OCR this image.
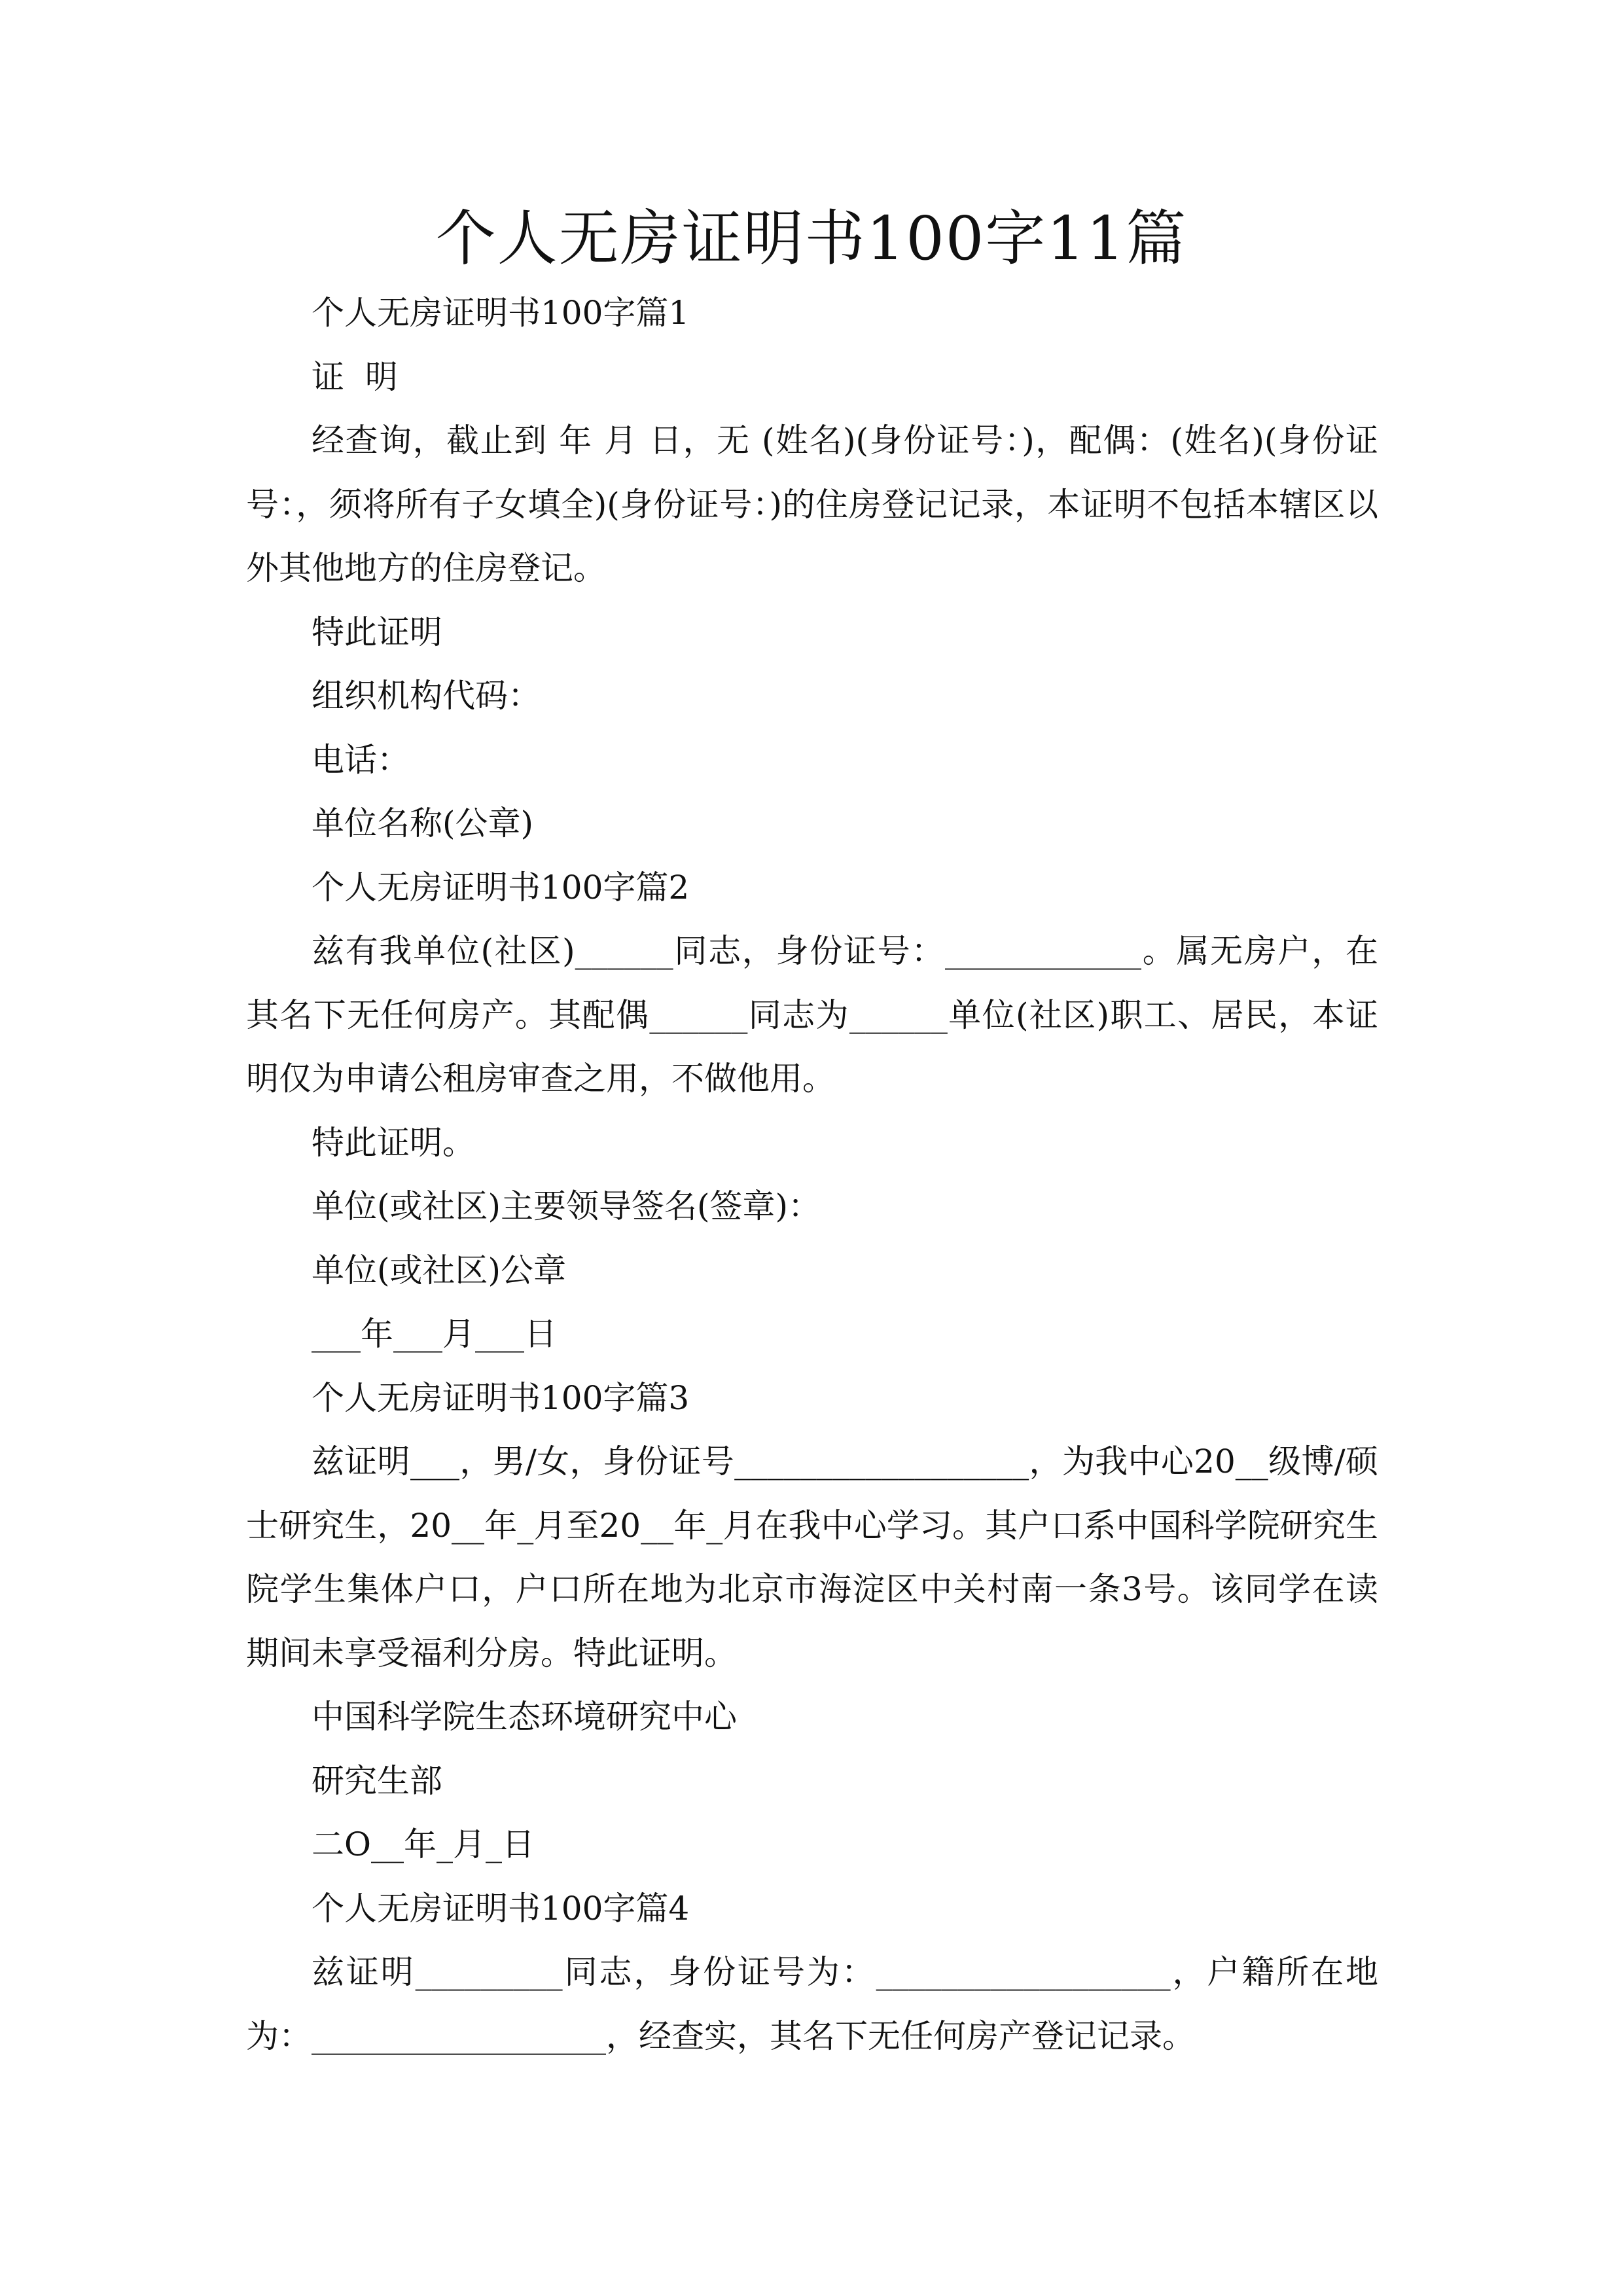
个人无房证明书100字11篇

个人无房证明书100字篇1

证  明

经查询，截止到 年 月 日，无 (姓名)(身份证号：)，配偶：(姓名)(身份证号：，须将所有子女填全)(身份证号：)的住房登记记录，本证明不包括本辖区以外其他地方的住房登记。

特此证明

组织机构代码：

电话：

单位名称(公章)

个人无房证明书100字篇2

兹有我单位(社区)______同志，身份证号：____________。属无房户，在其名下无任何房产。其配偶______同志为______单位(社区)职工、居民，本证明仅为申请公租房审查之用，不做他用。

特此证明。

单位(或社区)主要领导签名(签章)：

单位(或社区)公章

___年___月___日

个人无房证明书100字篇3

兹证明___，男/女，身份证号__________________，为我中心20__级博/硕士研究生，20__年_月至20__年_月在我中心学习。其户口系中国科学院研究生院学生集体户口，户口所在地为北京市海淀区中关村南一条3号。该同学在读期间未享受福利分房。特此证明。

中国科学院生态环境研究中心

研究生部

二O__年_月_日

个人无房证明书100字篇4

兹证明_________同志，身份证号为：__________________，户籍所在地为：__________________，经查实，其名下无任何房产登记记录。
